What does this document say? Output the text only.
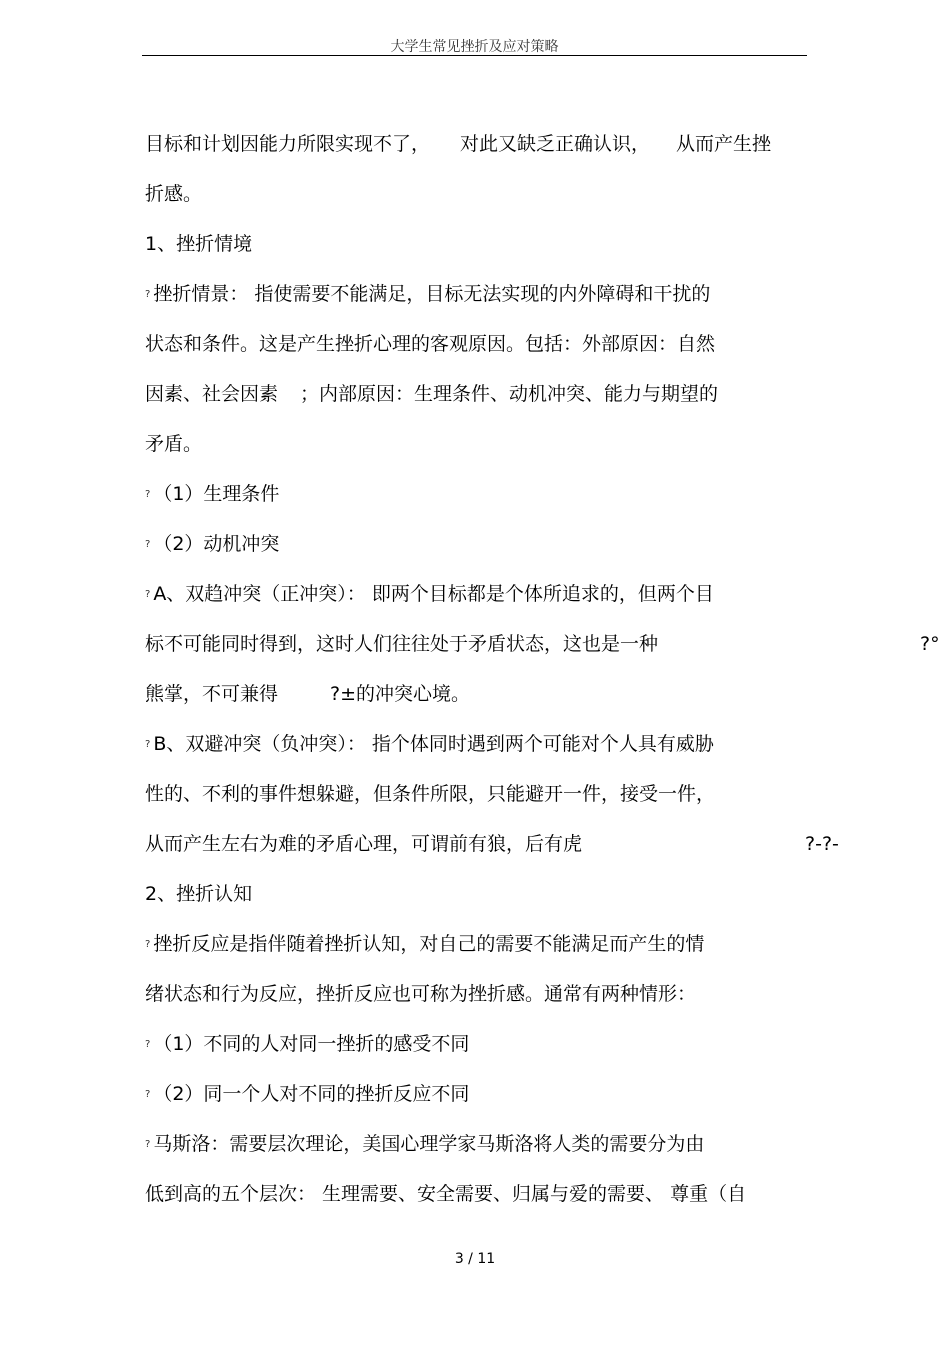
大学生常见挫折及应对策略
目标和计划因能力所限实现不了， 对此又缺乏正确认识， 从而产生挫
折感。
1、挫折情境
? 挫折情景： 指使需要不能满足，目标无法实现的内外障碍和干扰的
状态和条件。这是产生挫折心理的客观原因。包括：外部原因：自然
因素、社会因素 ；内部原因：生理条件、动机冲突、能力与期望的
矛盾。
? （1）生理条件
? （2）动机冲突
? A、双趋冲突（正冲突）： 即两个目标都是个体所追求的，但两个目
标不可能同时得到，这时人们往往处于矛盾状态，这也是一种	?°
熊掌，不可兼得	?±的冲突心境。
? B、双避冲突（负冲突）： 指个体同时遇到两个可能对个人具有威胁
性的、不利的事件想躲避，但条件所限，只能避开一件，接受一件，
从而产生左右为难的矛盾心理，可谓前有狼，后有虎	?-?-
2、挫折认知
? 挫折反应是指伴随着挫折认知，对自己的需要不能满足而产生的情
绪状态和行为反应，挫折反应也可称为挫折感。通常有两种情形：
? （1）不同的人对同一挫折的感受不同
? （2）同一个人对不同的挫折反应不同
? 马斯洛：需要层次理论，美国心理学家马斯洛将人类的需要分为由
低到高的五个层次： 生理需要、安全需要、归属与爱的需要、 尊重（自
3 / 11
